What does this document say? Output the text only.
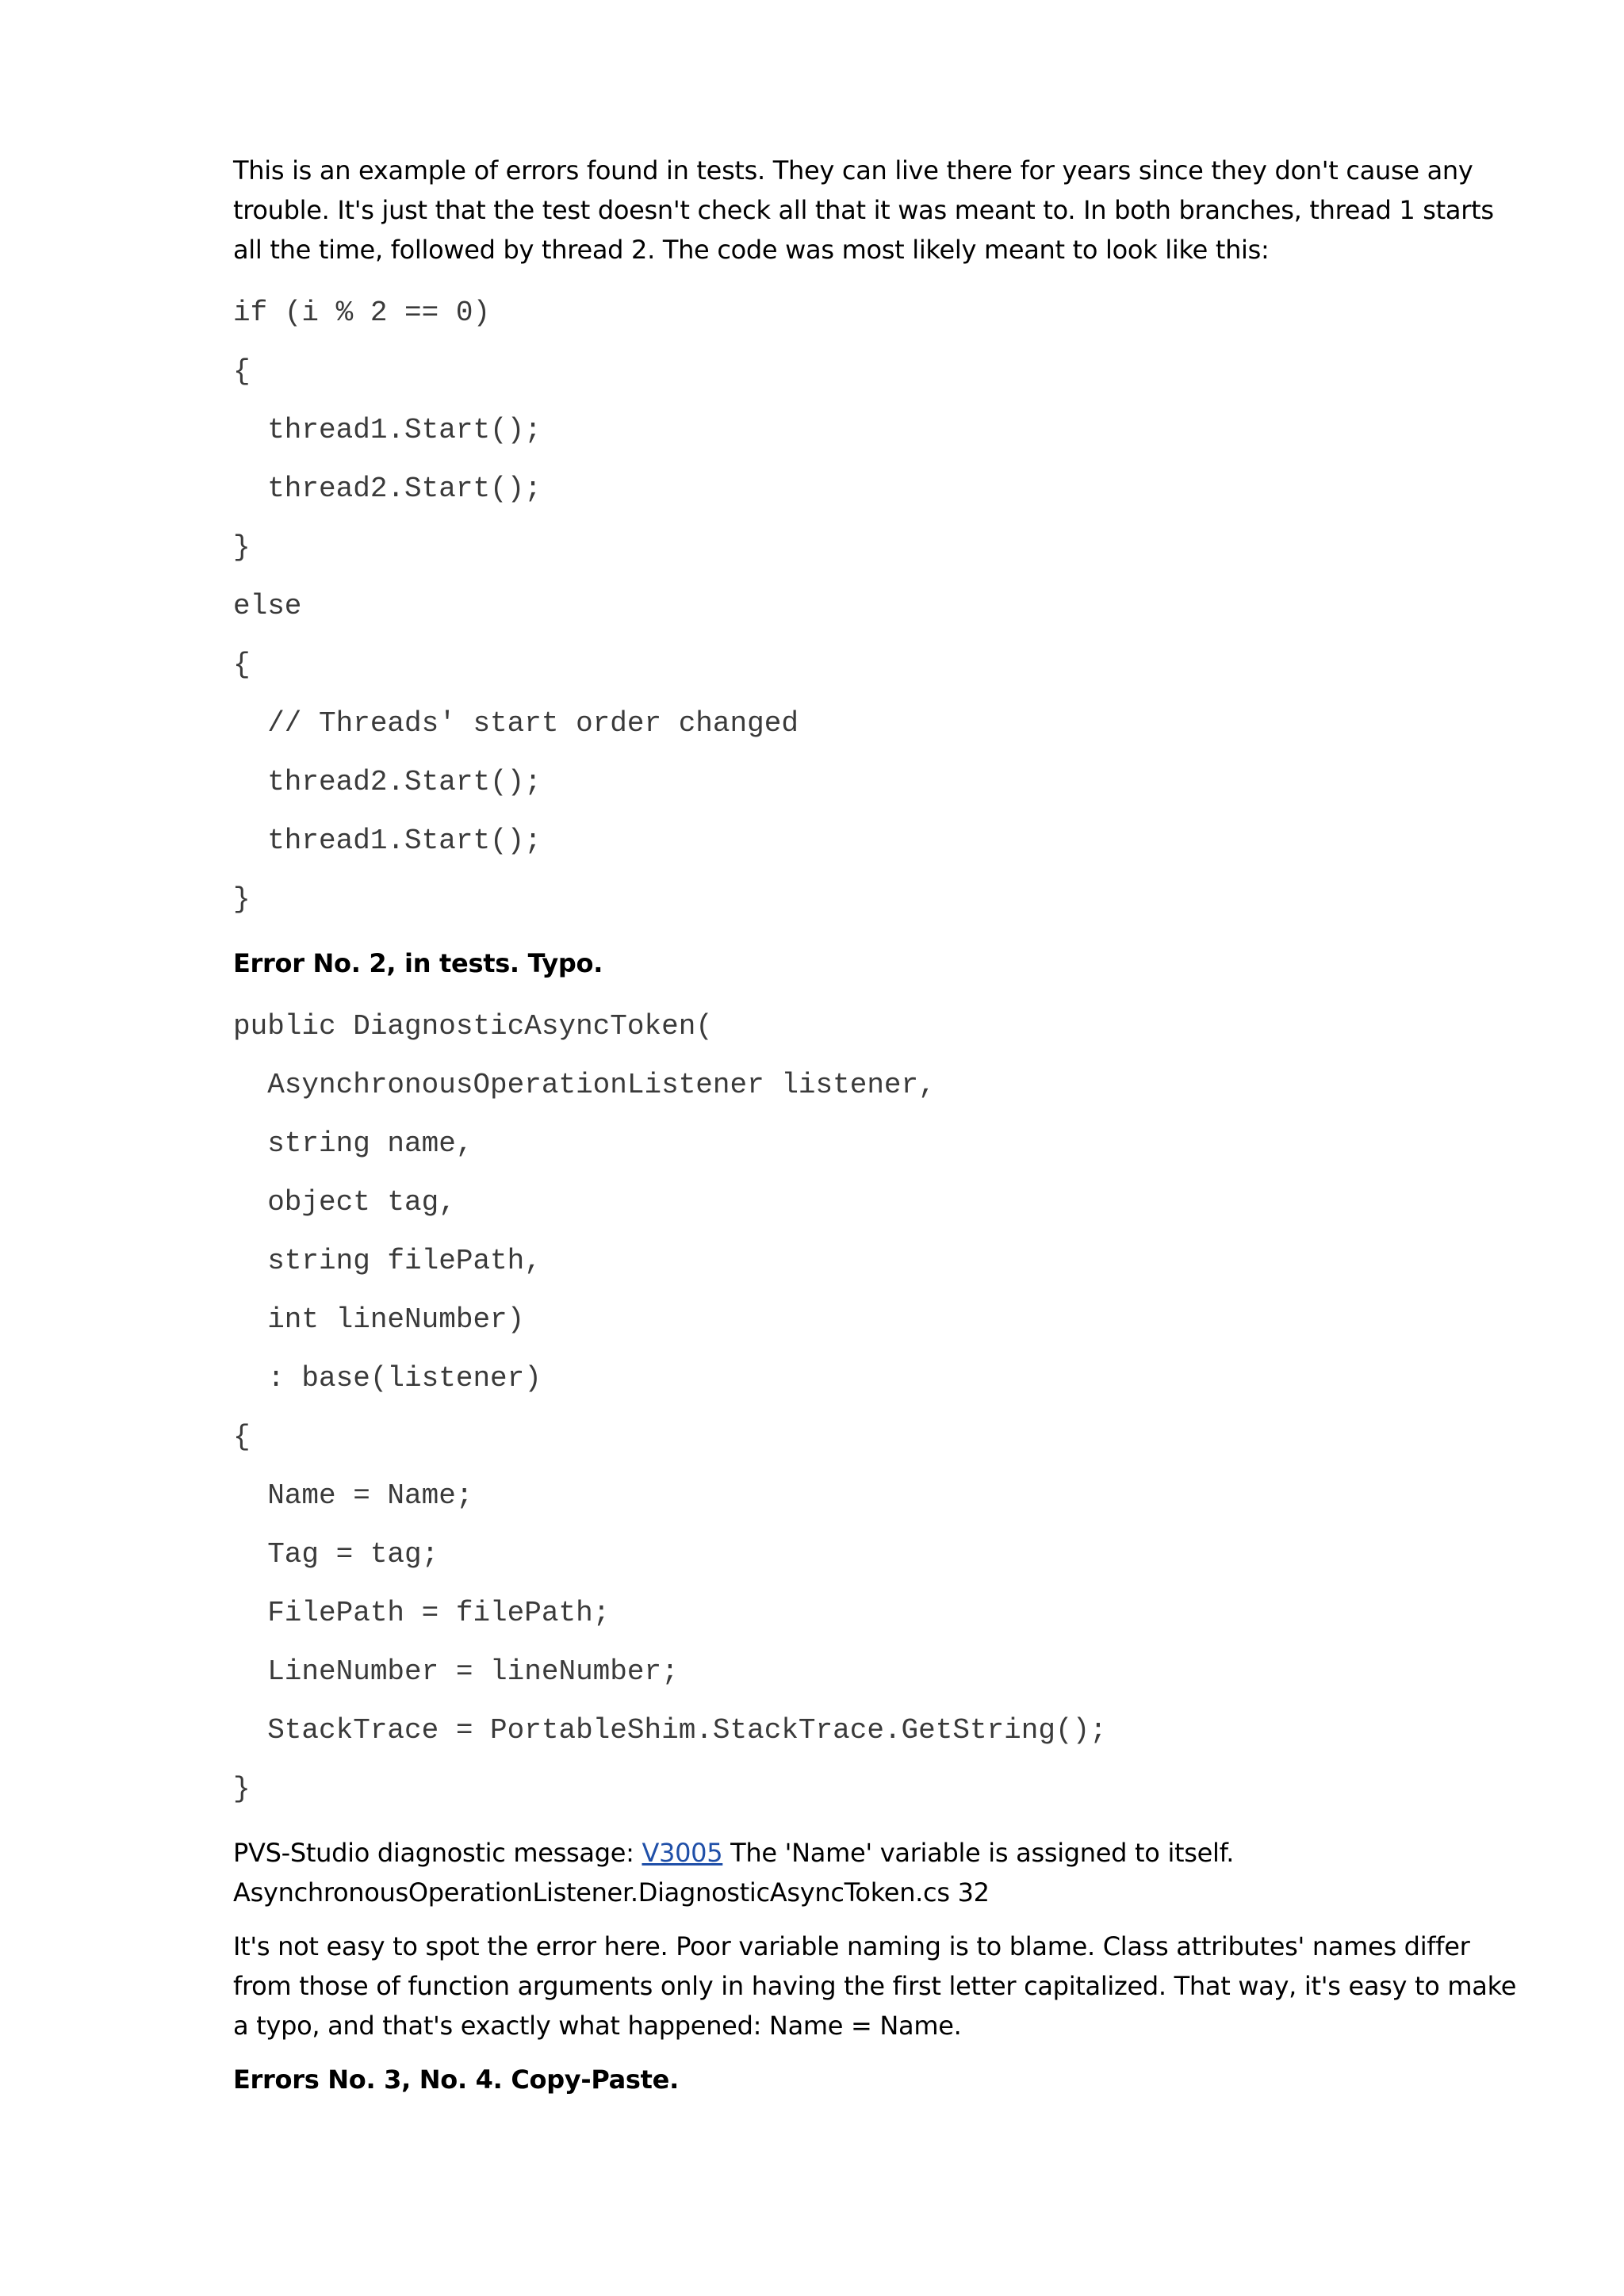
This is an example of errors found in tests. They can live there for years since they don't cause any trouble. It's just that the test doesn't check all that it was meant to. In both branches, thread 1 starts all the time, followed by thread 2. The code was most likely meant to look like this:

if (i % 2 == 0)
{
thread1.Start();
thread2.Start();
}
else
{
// Threads' start order changed
thread2.Start();
thread1.Start();
}

Error No. 2, in tests. Typo.

public DiagnosticAsyncToken(
AsynchronousOperationListener listener,
string name,
object tag,
string filePath,
int lineNumber)
: base(listener)
{
Name = Name;
Tag = tag;
FilePath = filePath;
LineNumber = lineNumber;
StackTrace = PortableShim.StackTrace.GetString();
}

PVS-Studio diagnostic message: V3005 The 'Name' variable is assigned to itself.
AsynchronousOperationListener.DiagnosticAsyncToken.cs 32

It's not easy to spot the error here. Poor variable naming is to blame. Class attributes' names differ from those of function arguments only in having the first letter capitalized. That way, it's easy to make a typo, and that's exactly what happened: Name = Name.

Errors No. 3, No. 4. Copy-Paste.
